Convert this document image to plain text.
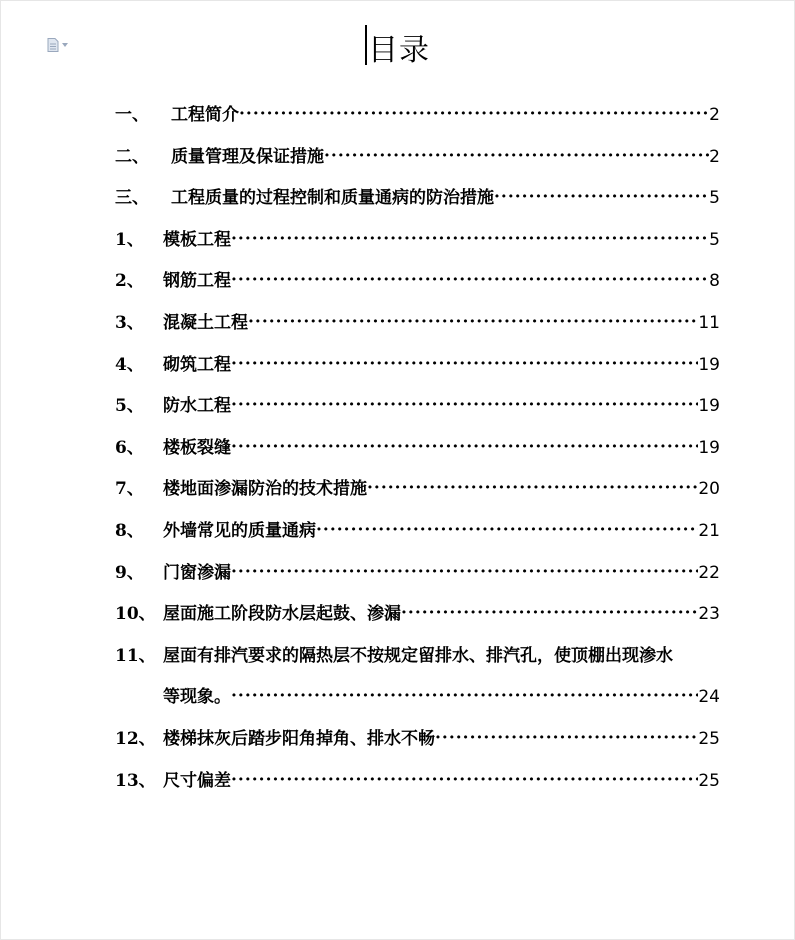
目录
一、	工程简介 ·····	2
二、	质量管理及保证措施 ·····	2
三、	工程质量的过程控制和质量通病的防治措施 ·····	5
1、	模板工程 ·····	5
2、	钢筋工程 ·····	8
3、	混凝土工程 ·····	11
4、	砌筑工程 ·····	19
5、	防水工程 ·····	19
6、	楼板裂缝 ·····	19
7、	楼地面渗漏防治的技术措施 ·····	20
8、	外墙常见的质量通病 ·····	21
9、	门窗渗漏 ·····	22
10、 屋面施工阶段防水层起鼓、渗漏 ·····	23
11、 屋面有排汽要求的隔热层不按规定留排水、排汽孔，使顶棚出现渗水
等现象。 ·····	24
12、 楼梯抹灰后踏步阳角掉角、排水不畅 ·····	25
13、 尺寸偏差 ·····	25
